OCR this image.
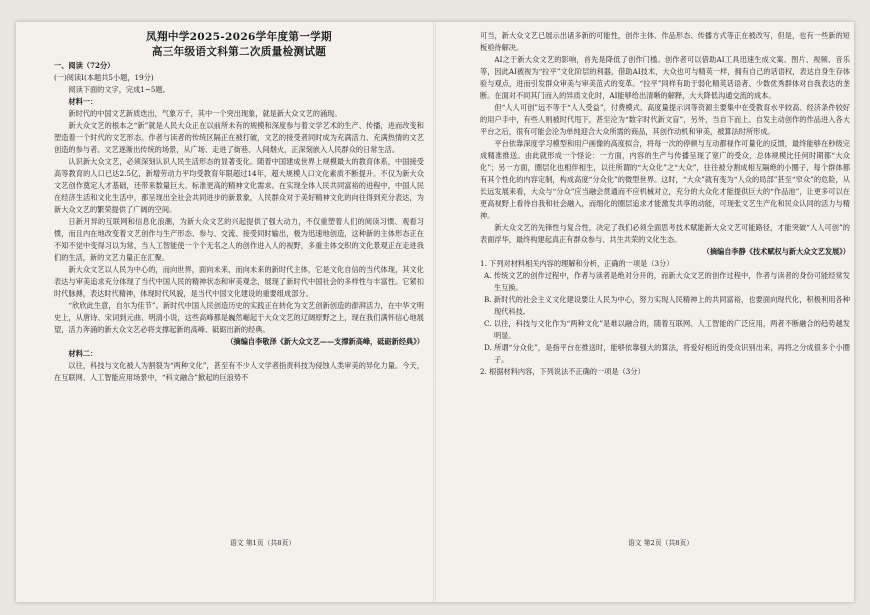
凤翔中学2025-2026学年度第一学期
高三年级语文科第二次质量检测试题

一、阅读（72分）

(一)阅读I(本题共5小题，19分)

阅读下面的文字，完成1~5题。

材料一：

新时代的中国文艺新质迭出，气象万千，其中一个突出现象，就是新大众文艺的涌现。

新大众文艺的根本之“新”就是人民大众正在以前所未有的规模和深度参与着文学艺术的生产、传播，进而改变和塑造着一个时代的文艺形态。作者与读者的传统区隔正在被打破，文艺的接受者同时成为充满活力、充满热情的文艺创造的参与者。文艺逐渐出传统的场景，从广场、走进了街巷、人间烟火，正深刻嵌入人民群众的日常生活。

认识新大众文艺，必须深刻认识人民生活形态的显著变化。随着中国建成世界上规模最大的教育体系，中国接受高等教育的人口已达2.5亿，新增劳动力平均受教育年限超过14年，超大规模人口文化素质不断提升。不仅为新大众文艺创作奠定人才基础，还带来数量巨大、标准更高的精神文化需求。在实现全体人民共同富裕的进程中，中国人民在经济生活和文化生活中，都呈现出全社会共同进步的新景象，人民群众对于美好精神文化的向往得到充分表达，为新大众文艺的繁荣提供了广阔的空间。

日新月异的互联网和信息化浪潮，为新大众文艺的兴起提供了强大动力，不仅重塑着人们的阅读习惯、观看习惯，而且内在地改变着文艺创作与生产形态、参与、交流、接受同时输出，极为迅速地创造，这种新的主体形态正在不知不觉中变得习以为常，当人工智能使一个个无名之人的创作进入人的视野，多重主体交织的文化景观正在走进我们的生活，新的文艺力量正在汇聚。

新大众文艺以人民为中心的，而向世界，面向未来，而向未来的新时代主体，它是文化自信的当代体现，其文化表达与审美追求充分体现了当代中国人民的精神状态和审美观念，展现了新时代中国社会的多样性与丰富性。它紧扣时代脉搏，表达时代精神，体现时代风貌，是当代中国文化建设的重要组成部分。

“欣欣此生意，自尔为佳节”。新时代中国人民创造历史的实践正在转化为文艺创新创造的澎湃活力，在中华文明史上，从唐诗、宋词到元曲、明清小说，这些高峰都是巍然崛起于大众文艺的辽阔原野之上，现在我们满怀信心地展望，活力奔涌的新大众文艺必将支撑起新的高峰、砥砺出新的经典。

（摘编自李敬泽《新大众文艺——支撑新高峰，砥砺新经典》）

材料二：

以往，科技与文化被人为割裂为“两种文化”，甚至有不少人文学者指责科技为侵蚀人类审美的异化力量。今天，在互联网、人工智能应用场景中，“科文融合”掀起的巨浪势不

可当，新大众文艺已展示出诸多新的可能性，创作主体、作品形态、传播方式等正在被改写，但是，也有一些新的短板亟待解决。

AI之于新大众文艺的影响，首先是降低了创作门槛。创作者可以借助AI工具迅速生成文案、图片、视频、音乐等，因此AI被视为“拉平”文化阶层的利器，借助AI技术，大众也可与精英一样，拥有自己的话语权，表达自身生存体验与观点，进而引发群众审美与审美范式的变革。“拉平”同样有助于弱化精英话语者、少数优秀群体对自我表达的垄断。在面对不同其门而入的异质文化时，AI能够给出清晰的解释，大大降低沟通交流的成本。

但“人人可创”远不等于“人人受益”，付费模式、高度量提示词等资源主要集中在受教育水平较高、经济条件较好的用户手中，有些人则被时代甩下，甚至沦为“数字时代新文盲”，另外，当自下而上、自发主动创作的作品进入各大平台之后，很有可能会沦为单纯迎合大众所需的商品，其创作动机和审美，被算法时所形成。

平台依靠深度学习模型和用户画像的高度拟合，将每一次的停顿与互动都视作可量化的反馈，最终能够在秒级完成精准推送。由此就形成一个怪论：一方面，内容的生产与传播呈现了宽广的受众，总体规模比任何时期都“大众化”；另一方面，圈层化也相伴相生，以往所谓的“大众化”之“大众”，往往被分割成相互隔绝的小圈子，每个群体都有其个性化的内容定制，构成高度“分众化”的微型世界。这时，“大众”就有变为“人众的局部”甚至“窄众”的危险，从长远发展来看，大众与“分众”应当融会贯通而不应机械对立，充分的大众化才能提供巨大的“作品池”，让更多可以在更高视野上看待自我和社会融入，而细化的圈层追求才能激发共享的动能，可现张文艺生产化和民众认同的活力与精神。

新大众文艺的先锋性与复合性，决定了我们必须全面思考技术赋能新大众文艺可能路径，才能突破“人人可创”的表面浮华，最终构建起真正有群众参与、共生共荣的文化生态。

（摘编自李静《技术赋权与新大众文艺发展》）

1. 下列对材料相关内容的理解和分析，正确的一项是（3分）

A. 传统文艺的创作过程中，作者与读者是绝对分开的，而新大众文艺的创作过程中，作者与读者的身份可能经常发生互换。

B. 新时代的社会主义文化建设要让人民为中心，努力实现人民精神上的共同富裕，也要面向现代化，积极利用各种现代科技。

C. 以往，科技与文化作为“两种文化”是难以融合的，随着互联网、人工智能的广泛应用，两者不断融合的趋势越发明显。

D. 所谓“分众化”，是指平台在推送时，能够依靠强大的算法，将爱好相近的受众识别出来，再将之分成很多个小圈子。

2. 根据材料内容，下列说法不正确的一项是（3分）

语文 第1页（共8页）	语文 第2页（共8页）
